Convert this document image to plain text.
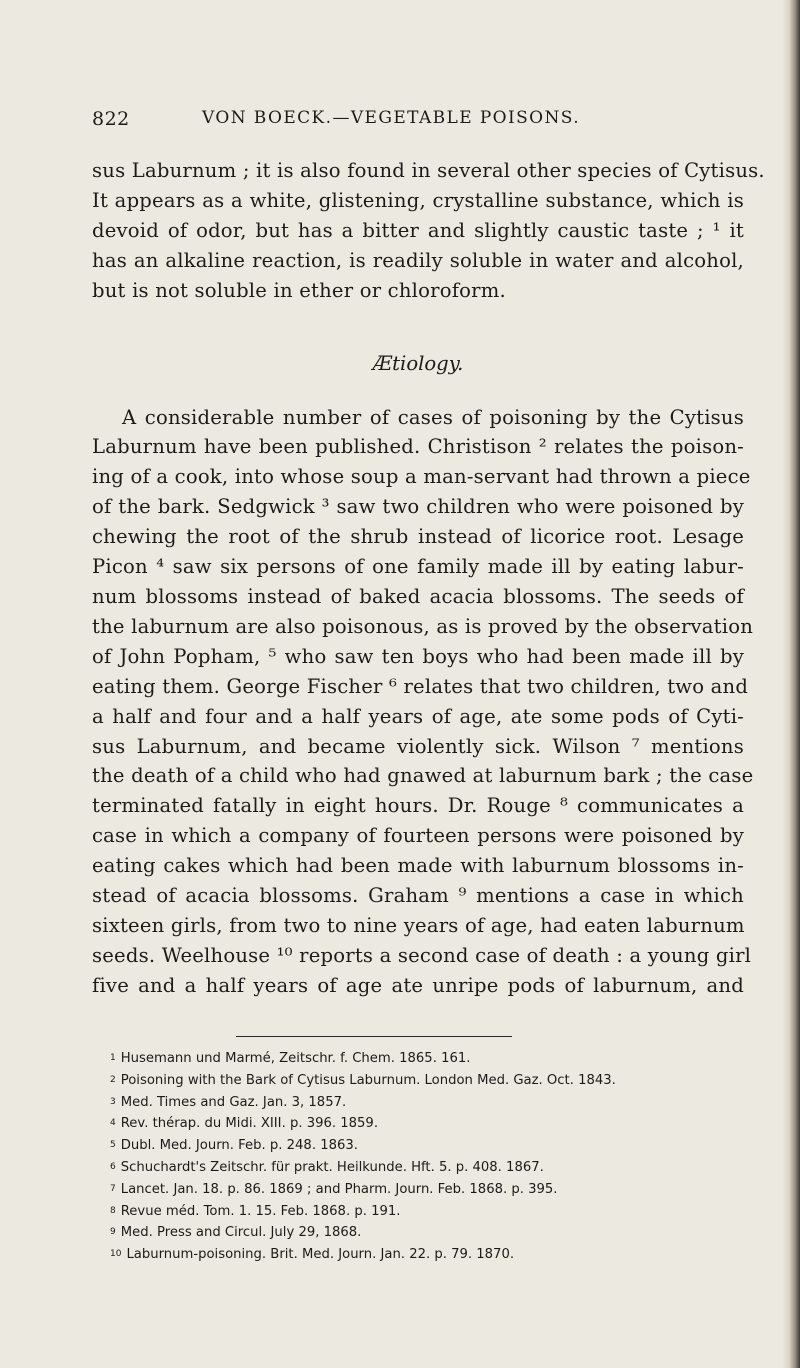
822	VON BOECK.—VEGETABLE POISONS.
sus Laburnum ; it is also found in several other species of Cytisus.
It appears as a white, glistening, crystalline substance, which is
devoid of odor, but has a bitter and slightly caustic taste ; ¹ it
has an alkaline reaction, is readily soluble in water and alcohol,
but is not soluble in ether or chloroform.
Ætiology.
A considerable number of cases of poisoning by the Cytisus
Laburnum have been published. Christison ² relates the poison-
ing of a cook, into whose soup a man-servant had thrown a piece
of the bark. Sedgwick ³ saw two children who were poisoned by
chewing the root of the shrub instead of licorice root. Lesage
Picon ⁴ saw six persons of one family made ill by eating labur-
num blossoms instead of baked acacia blossoms. The seeds of
the laburnum are also poisonous, as is proved by the observation
of John Popham, ⁵ who saw ten boys who had been made ill by
eating them. George Fischer ⁶ relates that two children, two and
a half and four and a half years of age, ate some pods of Cyti-
sus Laburnum, and became violently sick. Wilson ⁷ mentions
the death of a child who had gnawed at laburnum bark ; the case
terminated fatally in eight hours. Dr. Rouge ⁸ communicates a
case in which a company of fourteen persons were poisoned by
eating cakes which had been made with laburnum blossoms in-
stead of acacia blossoms. Graham ⁹ mentions a case in which
sixteen girls, from two to nine years of age, had eaten laburnum
seeds. Weelhouse ¹⁰ reports a second case of death : a young girl
five and a half years of age ate unripe pods of laburnum, and
$^1$ Husemann und Marmé, Zeitschr. f. Chem. 1865. 161.
$^2$ Poisoning with the Bark of Cytisus Laburnum. London Med. Gaz. Oct. 1843.
$^3$ Med. Times and Gaz. Jan. 3, 1857.
$^4$ Rev. thérap. du Midi. XIII. p. 396. 1859.
$^5$ Dubl. Med. Journ. Feb. p. 248. 1863.
$^6$ Schuchardt's Zeitschr. für prakt. Heilkunde. Hft. 5. p. 408. 1867.
$^7$ Lancet. Jan. 18. p. 86. 1869 ; and Pharm. Journ. Feb. 1868. p. 395.
$^8$ Revue méd. Tom. 1. 15. Feb. 1868. p. 191.
$^9$ Med. Press and Circul. July 29, 1868.
$^{10}$ Laburnum-poisoning. Brit. Med. Journ. Jan. 22. p. 79. 1870.
